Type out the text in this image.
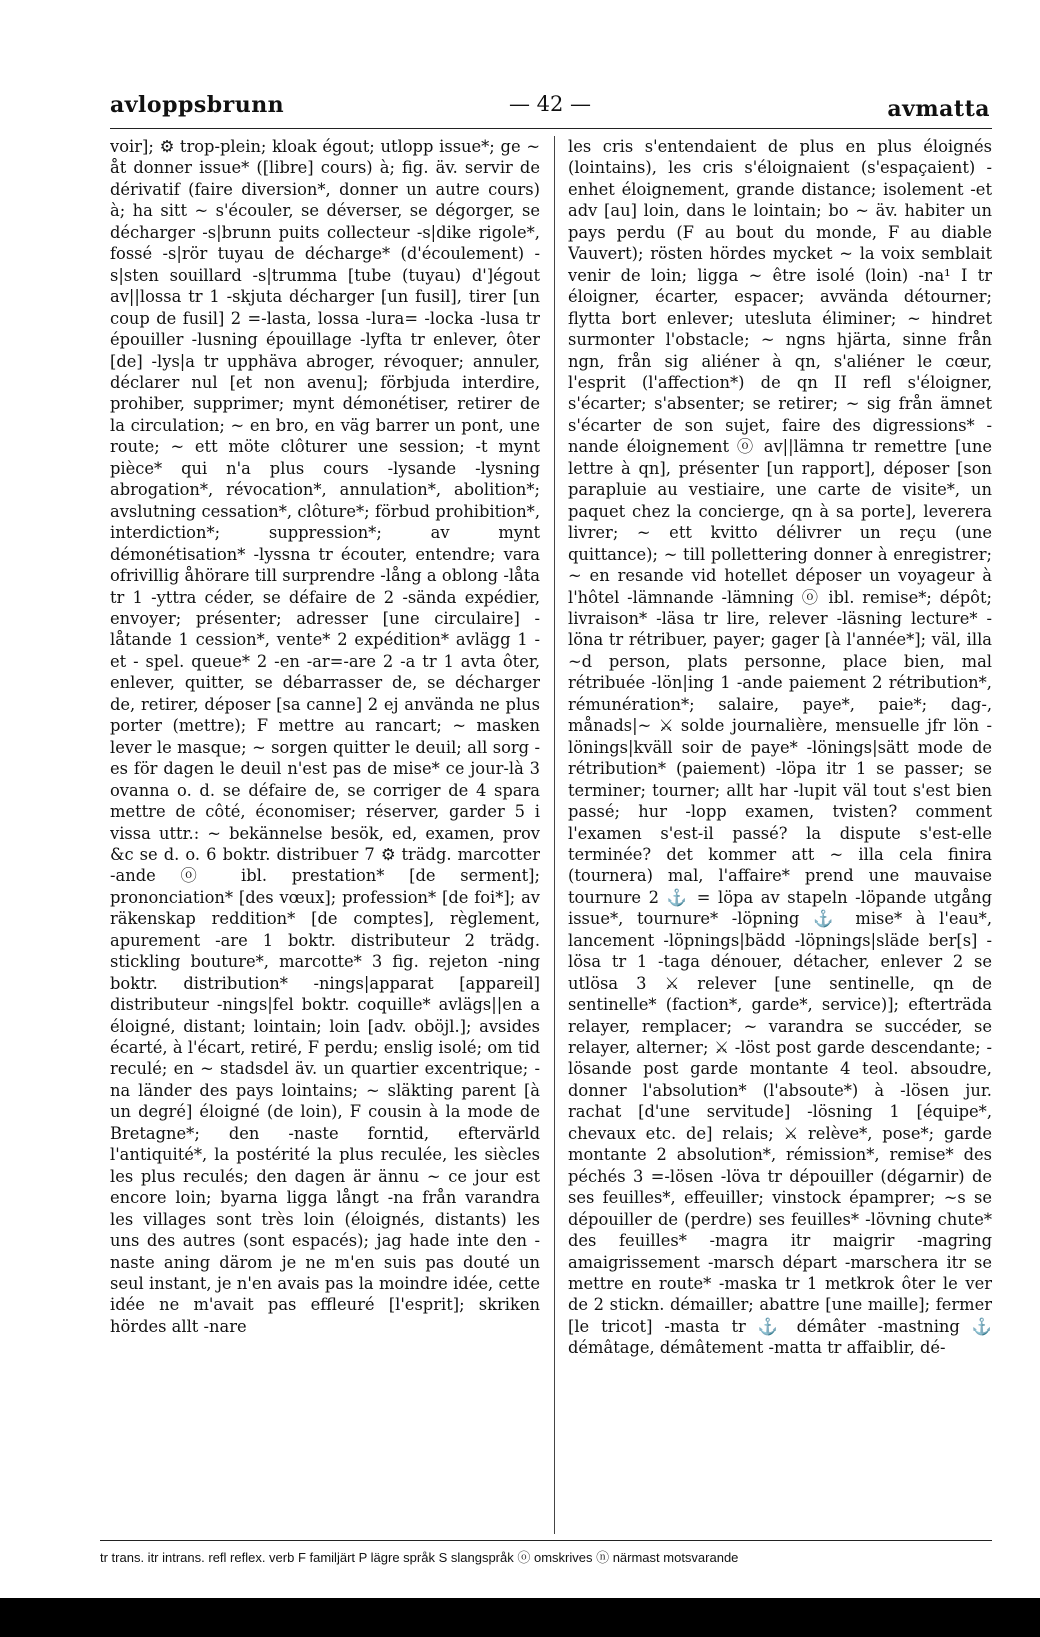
avloppsbrunn	— 42 —	avmatta

voir]; ⚙ trop-plein; kloak égout; utlopp issue*; ge ~ åt donner issue* ([libre] cours) à; fig. äv. servir de dérivatif (faire diversion*, donner un autre cours) à; ha sitt ~ s'écouler, se déverser, se dégorger, se décharger -s|brunn puits collecteur -s|dike rigole*, fossé -s|rör tuyau de décharge* (d'écoulement) -s|sten souillard -s|trumma [tube (tuyau) d']égout av||lossa tr 1 -skjuta décharger [un fusil], tirer [un coup de fusil] 2 =-lasta, lossa -lura= -locka -lusa tr épouiller -lusning épouillage -lyfta tr enlever, ôter [de] -lys|a tr upphäva abroger, révoquer; annuler, déclarer nul [et non avenu]; förbjuda interdire, prohiber, supprimer; mynt démonétiser, retirer de la circulation; ~ en bro, en väg barrer un pont, une route; ~ ett möte clôturer une session; -t mynt pièce* qui n'a plus cours -lysande -lysning abrogation*, révocation*, annulation*, abolition*; avslutning cessation*, clôture*; förbud prohibition*, interdiction*; suppression*; av mynt démonétisation* -lyssna tr écouter, entendre; vara ofrivillig åhörare till surprendre -lång a oblong -låta tr 1 -yttra céder, se défaire de 2 -sända expédier, envoyer; présenter; adresser [une circulaire] -låtande 1 cession*, vente* 2 expédition* avlägg 1 -et - spel. queue* 2 -en -ar=-are 2 -a tr 1 avta ôter, enlever, quitter, se débarrasser de, se décharger de, retirer, déposer [sa canne] 2 ej använda ne plus porter (mettre); F mettre au rancart; ~ masken lever le masque; ~ sorgen quitter le deuil; all sorg -es för dagen le deuil n'est pas de mise* ce jour-là 3 ovanna o. d. se défaire de, se corriger de 4 spara mettre de côté, économiser; réserver, garder 5 i vissa uttr.: ~ bekännelse besök, ed, examen, prov &c se d. o. 6 boktr. distribuer 7 ⚙ trädg. marcotter -ande ⓞ ibl. prestation* [de serment]; prononciation* [des vœux]; profession* [de foi*]; av räkenskap reddition* [de comptes], règlement, apurement -are 1 boktr. distributeur 2 trädg. stickling bouture*, marcotte* 3 fig. rejeton -ning boktr. distribution* -nings|apparat [appareil] distributeur -nings|fel boktr. coquille* avlägs||en a éloigné, distant; lointain; loin [adv. oböjl.]; avsides écarté, à l'écart, retiré, F perdu; enslig isolé; om tid reculé; en ~ stadsdel äv. un quartier excentrique; -na länder des pays lointains; ~ släkting parent [à un degré] éloigné (de loin), F cousin à la mode de Bretagne*; den -naste forntid, eftervärld l'antiquité*, la postérité la plus reculée, les siècles les plus reculés; den dagen är ännu ~ ce jour est encore loin; byarna ligga långt -na från varandra les villages sont très loin (éloignés, distants) les uns des autres (sont espacés); jag hade inte den -naste aning därom je ne m'en suis pas douté un seul instant, je n'en avais pas la moindre idée, cette idée ne m'avait pas effleuré [l'esprit]; skriken hördes allt -nare

les cris s'entendaient de plus en plus éloignés (lointains), les cris s'éloignaient (s'espaçaient) -enhet éloignement, grande distance; isolement -et adv [au] loin, dans le lointain; bo ~ äv. habiter un pays perdu (F au bout du monde, F au diable Vauvert); rösten hördes mycket ~ la voix semblait venir de loin; ligga ~ être isolé (loin) -na¹ I tr éloigner, écarter, espacer; avvända détourner; flytta bort enlever; utesluta éliminer; ~ hindret surmonter l'obstacle; ~ ngns hjärta, sinne från ngn, från sig aliéner à qn, s'aliéner le cœur, l'esprit (l'affection*) de qn II refl s'éloigner, s'écarter; s'absenter; se retirer; ~ sig från ämnet s'écarter de son sujet, faire des digressions* -nande éloignement ⓞ av||lämna tr remettre [une lettre à qn], présenter [un rapport], déposer [son parapluie au vestiaire, une carte de visite*, un paquet chez la concierge, qn à sa porte], leverera livrer; ~ ett kvitto délivrer un reçu (une quittance); ~ till pollettering donner à enregistrer; ~ en resande vid hotellet déposer un voyageur à l'hôtel -lämnande -lämning ⓞ ibl. remise*; dépôt; livraison* -läsa tr lire, relever -läsning lecture* -löna tr rétribuer, payer; gager [à l'année*]; väl, illa ~d person, plats personne, place bien, mal rétribuée -lön|ing 1 -ande paiement 2 rétribution*, rémunération*; salaire, paye*, paie*; dag-, månads|~ ⚔ solde journalière, mensuelle jfr lön -lönings|kväll soir de paye* -lönings|sätt mode de rétribution* (paiement) -löpa itr 1 se passer; se terminer; tourner; allt har -lupit väl tout s'est bien passé; hur -lopp examen, tvisten? comment l'examen s'est-il passé? la dispute s'est-elle terminée? det kommer att ~ illa cela finira (tournera) mal, l'affaire* prend une mauvaise tournure 2 ⚓ = löpa av stapeln -löpande utgång issue*, tournure* -löpning ⚓ mise* à l'eau*, lancement -löpnings|bädd -löpnings|släde ber[s] -lösa tr 1 -taga dénouer, détacher, enlever 2 se utlösa 3 ⚔ relever [une sentinelle, qn de sentinelle* (faction*, garde*, service)]; efterträda relayer, remplacer; ~ varandra se succéder, se relayer, alterner; ⚔ -löst post garde descendante; -lösande post garde montante 4 teol. absoudre, donner l'absolution* (l'absoute*) à -lösen jur. rachat [d'une servitude] -lösning 1 [équipe*, chevaux etc. de] relais; ⚔ relève*, pose*; garde montante 2 absolution*, rémission*, remise* des péchés 3 =-lösen -löva tr dépouiller (dégarnir) de ses feuilles*, effeuiller; vinstock épamprer; ~s se dépouiller de (perdre) ses feuilles* -lövning chute* des feuilles* -magra itr maigrir -magring amaigrissement -marsch départ -marschera itr se mettre en route* -maska tr 1 metkrok ôter le ver de 2 stickn. démailler; abattre [une maille]; fermer [le tricot] -masta tr ⚓ démâter -mastning ⚓ démâtage, démâtement -matta tr affaiblir, dé-

tr trans. itr intrans. refl reflex. verb F familjärt P lägre språk S slangspråk ⓞ omskrives ⓝ närmast motsvarande
